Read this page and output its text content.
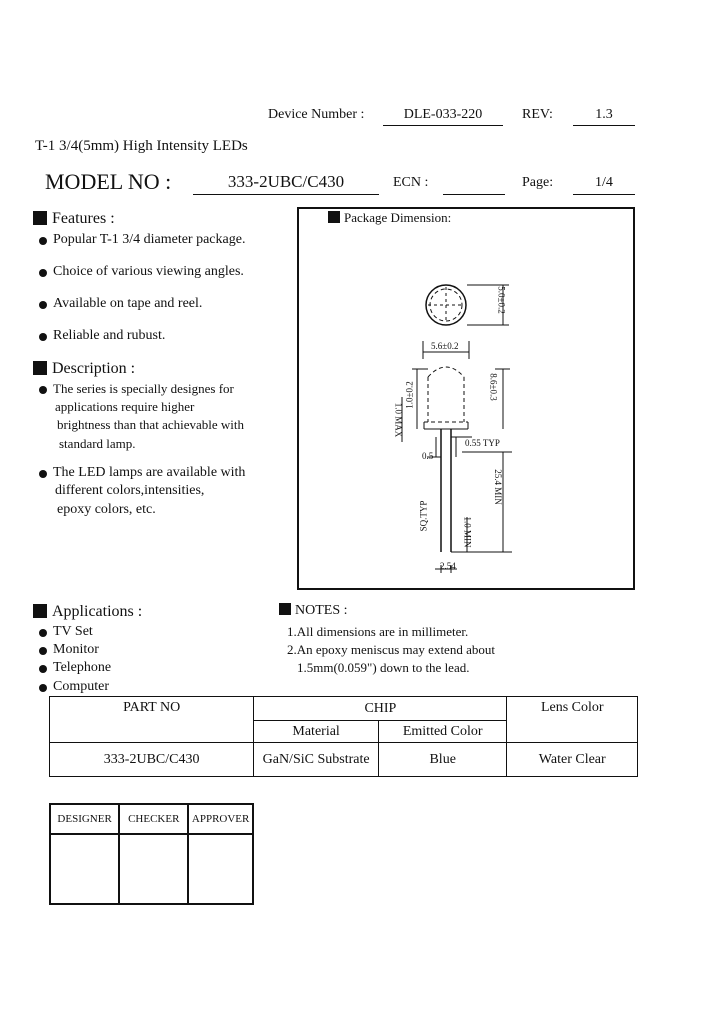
Device Number :	DLE-033-220	REV:	1.3
T-1 3/4(5mm) High Intensity LEDs
MODEL NO :	333-2UBC/C430	ECN :	Page:	1/4
Features :
Popular T-1 3/4 diameter package.
Choice of various viewing angles.
Available on tape and reel.
Reliable and rubust.
Description :
The series is specially designes for
applications require higher
brightness than that achievable with
standard lamp.
The LED lamps are available with
different colors,intensities,
epoxy colors, etc.
Package Dimension:
5.0±0.2
5.6±0.2
8.6±0.3
1.0±0.2
1.0 MAX
0.55 TYP
0.5
25.4 MIN
1.0 MIN
SQ.TYP
2.54
Applications :
TV Set
Monitor
Telephone
Computer
NOTES :
1.All dimensions are in millimeter.
2.An epoxy meniscus may extend about
1.5mm(0.059") down to the lead.
PART NO	CHIP		Lens Color
	Material	Emitted Color	
333-2UBC/C430	GaN/SiC Substrate	Blue	Water Clear
DESIGNER	CHECKER	APPROVER
